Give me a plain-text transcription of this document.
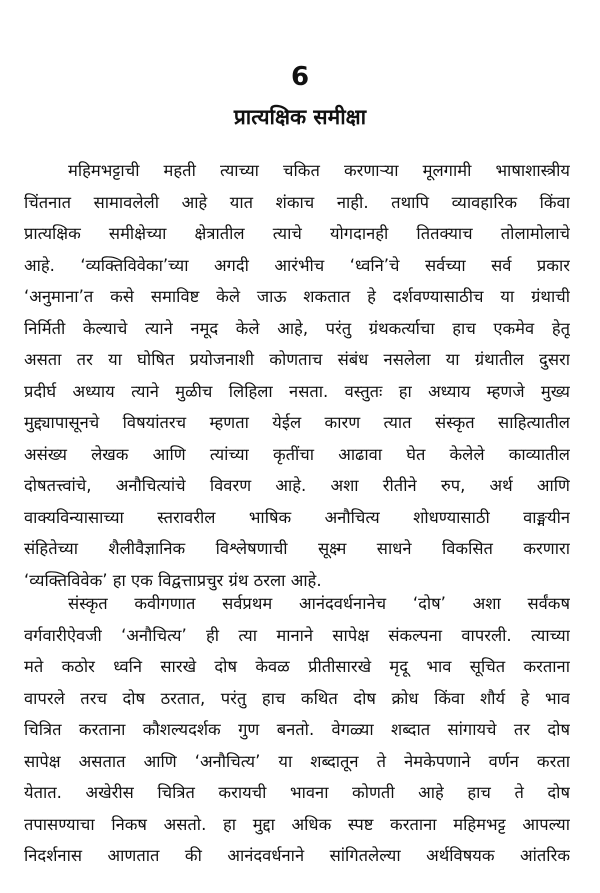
6
प्रात्यक्षिक समीक्षा
महिमभट्टाची महती त्याच्या चकित करणाऱ्या मूलगामी भाषाशास्त्रीय
चिंतनात सामावलेली आहे यात शंकाच नाही. तथापि व्यावहारिक किंवा
प्रात्यक्षिक समीक्षेच्या क्षेत्रातील त्याचे योगदानही तितक्याच तोलामोलाचे
आहे. ‘व्यक्तिविवेका’च्या अगदी आरंभीच ‘ध्वनि’चे सर्वच्या सर्व प्रकार
‘अनुमाना’त कसे समाविष्ट केले जाऊ शकतात हे दर्शवण्यासाठीच या ग्रंथाची
निर्मिती केल्याचे त्याने नमूद केले आहे, परंतु ग्रंथकर्त्याचा हाच एकमेव हेतू
असता तर या घोषित प्रयोजनाशी कोणताच संबंध नसलेला या ग्रंथातील दुसरा
प्रदीर्घ अध्याय त्याने मुळीच लिहिला नसता. वस्तुतः हा अध्याय म्हणजे मुख्य
मुद्द्यापासूनचे विषयांतरच म्हणता येईल कारण त्यात संस्कृत साहित्यातील
असंख्य लेखक आणि त्यांच्या कृतींचा आढावा घेत केलेले काव्यातील
दोषतत्त्वांचे, अनौचित्यांचे विवरण आहे. अशा रीतीने रुप, अर्थ आणि
वाक्यविन्यासाच्या स्तरावरील भाषिक अनौचित्य शोधण्यासाठी वाङ्मयीन
संहितेच्या शैलीवैज्ञानिक विश्लेषणाची सूक्ष्म साधने विकसित करणारा
‘व्यक्तिविवेक’ हा एक विद्वत्ताप्रचुर ग्रंथ ठरला आहे.
संस्कृत कवीगणात सर्वप्रथम आनंदवर्धनानेच ‘दोष’ अशा सर्वंकष
वर्गवारीऐवजी ‘अनौचित्य’ ही त्या मानाने सापेक्ष संकल्पना वापरली. त्याच्या
मते कठोर ध्वनि सारखे दोष केवळ प्रीतीसारखे मृदू भाव सूचित करताना
वापरले तरच दोष ठरतात, परंतु हाच कथित दोष क्रोध किंवा शौर्य हे भाव
चित्रित करताना कौशल्यदर्शक गुण बनतो. वेगळ्या शब्दात सांगायचे तर दोष
सापेक्ष असतात आणि ‘अनौचित्य’ या शब्दातून ते नेमकेपणाने वर्णन करता
येतात. अखेरीस चित्रित करायची भावना कोणती आहे हाच ते दोष
तपासण्याचा निकष असतो. हा मुद्दा अधिक स्पष्ट करताना महिमभट्ट आपल्या
निदर्शनास आणतात की आनंदवर्धनाने सांगितलेल्या अर्थविषयक आंतरिक
